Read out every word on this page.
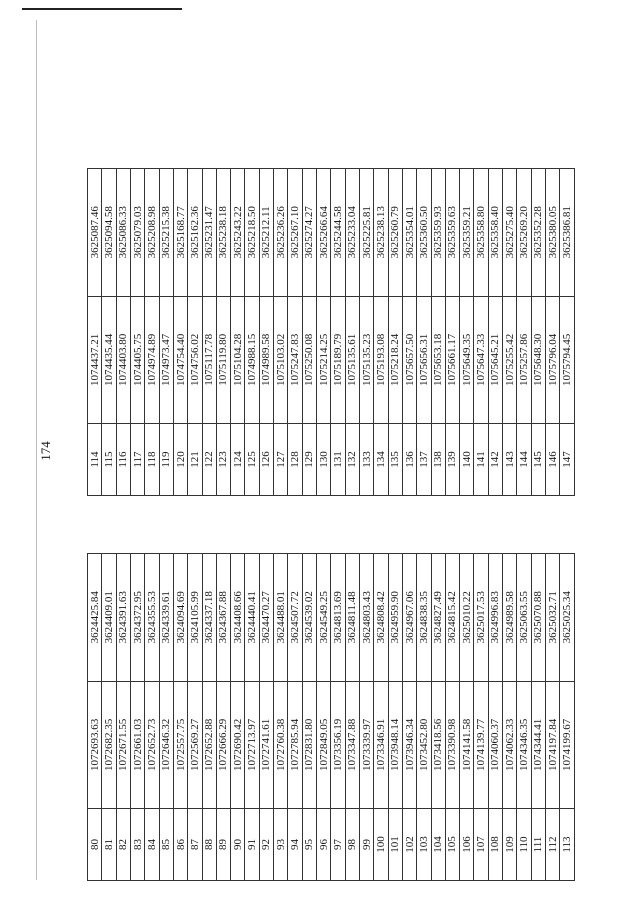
174	114	1074437.21	3625087.46
115	1074435.44	3625094.58
116	1074403.80	3625086.33
117	1074405.75	3625079.03
118	1074974.89	3625208.98
119	1074973.47	3625215.38
120	1074754.40	3625168.77
121	1074756.02	3625162.36
122	1075117.78	3625231.47
123	1075119.80	3625238.18
124	1075104.28	3625243.22
125	1074988.15	3625218.50
126	1074989.58	3625212.11
127	1075103.02	3625236.26
128	1075247.83	3625267.10
129	1075250.08	3625274.27
130	1075214.25	3625266.64
131	1075189.79	3625244.58
132	1075135.61	3625233.04
133	1075135.23	3625225.81
134	1075193.08	3625238.13
135	1075218.24	3625260.79
136	1075657.50	3625354.01
137	1075656.31	3625360.50
138	1075653.18	3625359.93
139	1075661.17	3625359.63
140	1075649.35	3625359.21
141	1075647.33	3625358.80
142	1075645.21	3625358.40
143	1075255.42	3625275.40
144	1075257.86	3625269.20
145	1075648.30	3625352.28
146	1075796.04	3625380.05
147	1075794.45	3625386.81
80	1072693.63	3624425.84
81	1072682.35	3624409.01
82	1072671.55	3624391.63
83	1072661.03	3624372.95
84	1072652.73	3624355.53
85	1072646.32	3624339.61
86	1072557.75	3624094.69
87	1072569.27	3624105.99
88	1072652.88	3624337.18
89	1072666.29	3624367.88
90	1072690.42	3624408.66
91	1072713.97	3624440.41
92	1072741.61	3624470.27
93	1072760.38	3624488.01
94	1072785.94	3624507.72
95	1072831.80	3624539.02
96	1072849.05	3624549.25
97	1073356.19	3624813.69
98	1073347.88	3624811.48
99	1073339.97	3624803.43
100	1073346.91	3624808.42
101	1073948.14	3624959.90
102	1073946.34	3624967.06
103	1073452.80	3624838.35
104	1073418.56	3624827.49
105	1073390.98	3624815.42
106	1074141.58	3625010.22
107	1074139.77	3625017.53
108	1074060.37	3624996.83
109	1074062.33	3624989.58
110	1074346.35	3625063.55
111	1074344.41	3625070.88
112	1074197.84	3625032.71
113	1074199.67	3625025.34
